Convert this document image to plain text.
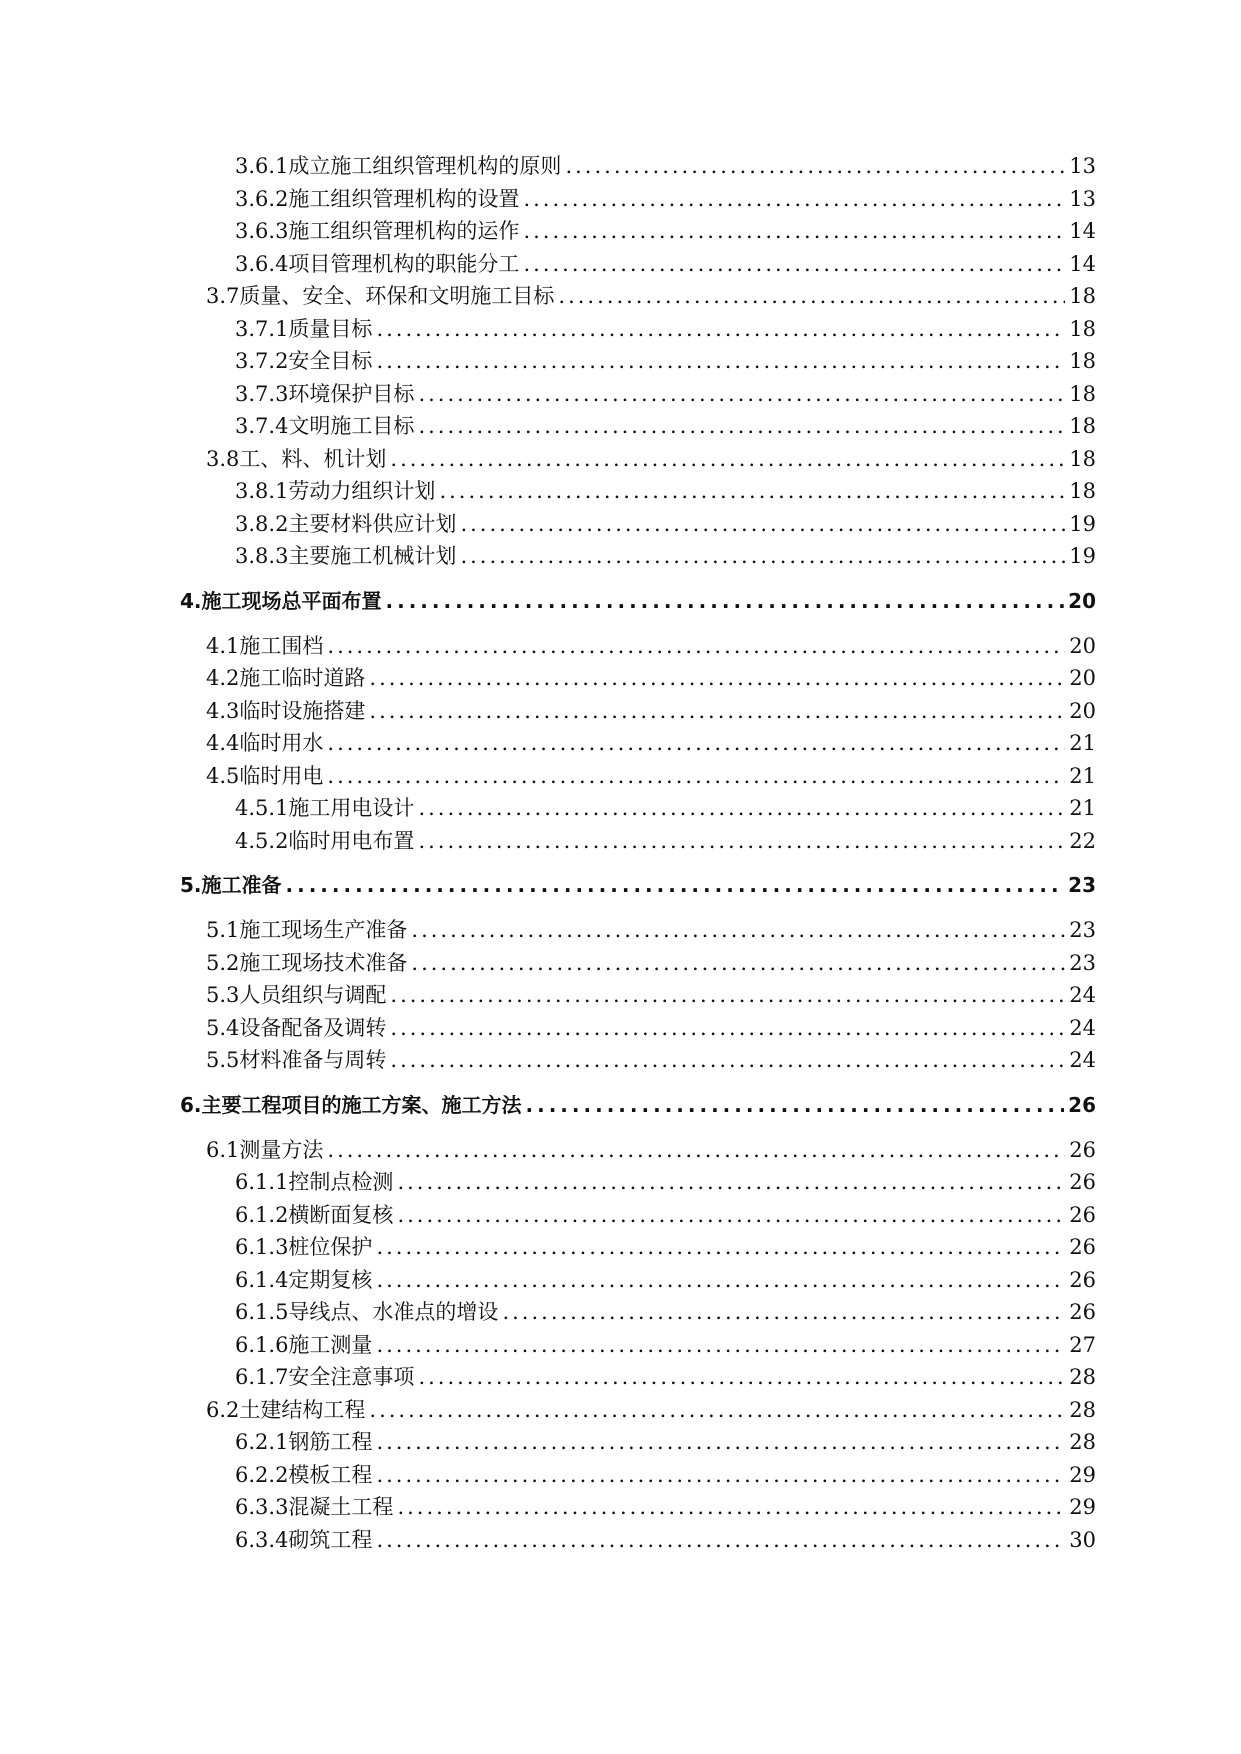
3.6.1成立施工组织管理机构的原则 .....	13
3.6.2施工组织管理机构的设置 .....	13
3.6.3施工组织管理机构的运作 .....	14
3.6.4项目管理机构的职能分工 .....	14
3.7质量、安全、环保和文明施工目标 .....	18
3.7.1质量目标 .....	18
3.7.2安全目标 .....	18
3.7.3环境保护目标 .....	18
3.7.4文明施工目标 .....	18
3.8工、料、机计划 .....	18
3.8.1劳动力组织计划 .....	18
3.8.2主要材料供应计划 .....	19
3.8.3主要施工机械计划 .....	19
4.施工现场总平面布置 .....	20
4.1施工围档 .....	20
4.2施工临时道路 .....	20
4.3临时设施搭建 .....	20
4.4临时用水 .....	21
4.5临时用电 .....	21
4.5.1施工用电设计 .....	21
4.5.2临时用电布置 .....	22
5.施工准备 .....	23
5.1施工现场生产准备 .....	23
5.2施工现场技术准备 .....	23
5.3人员组织与调配 .....	24
5.4设备配备及调转 .....	24
5.5材料准备与周转 .....	24
6.主要工程项目的施工方案、施工方法 .....	26
6.1测量方法 .....	26
6.1.1控制点检测 .....	26
6.1.2横断面复核 .....	26
6.1.3桩位保护 .....	26
6.1.4定期复核 .....	26
6.1.5导线点、水准点的增设 .....	26
6.1.6施工测量 .....	27
6.1.7安全注意事项 .....	28
6.2土建结构工程 .....	28
6.2.1钢筋工程 .....	28
6.2.2模板工程 .....	29
6.3.3混凝土工程 .....	29
6.3.4砌筑工程 .....	30
